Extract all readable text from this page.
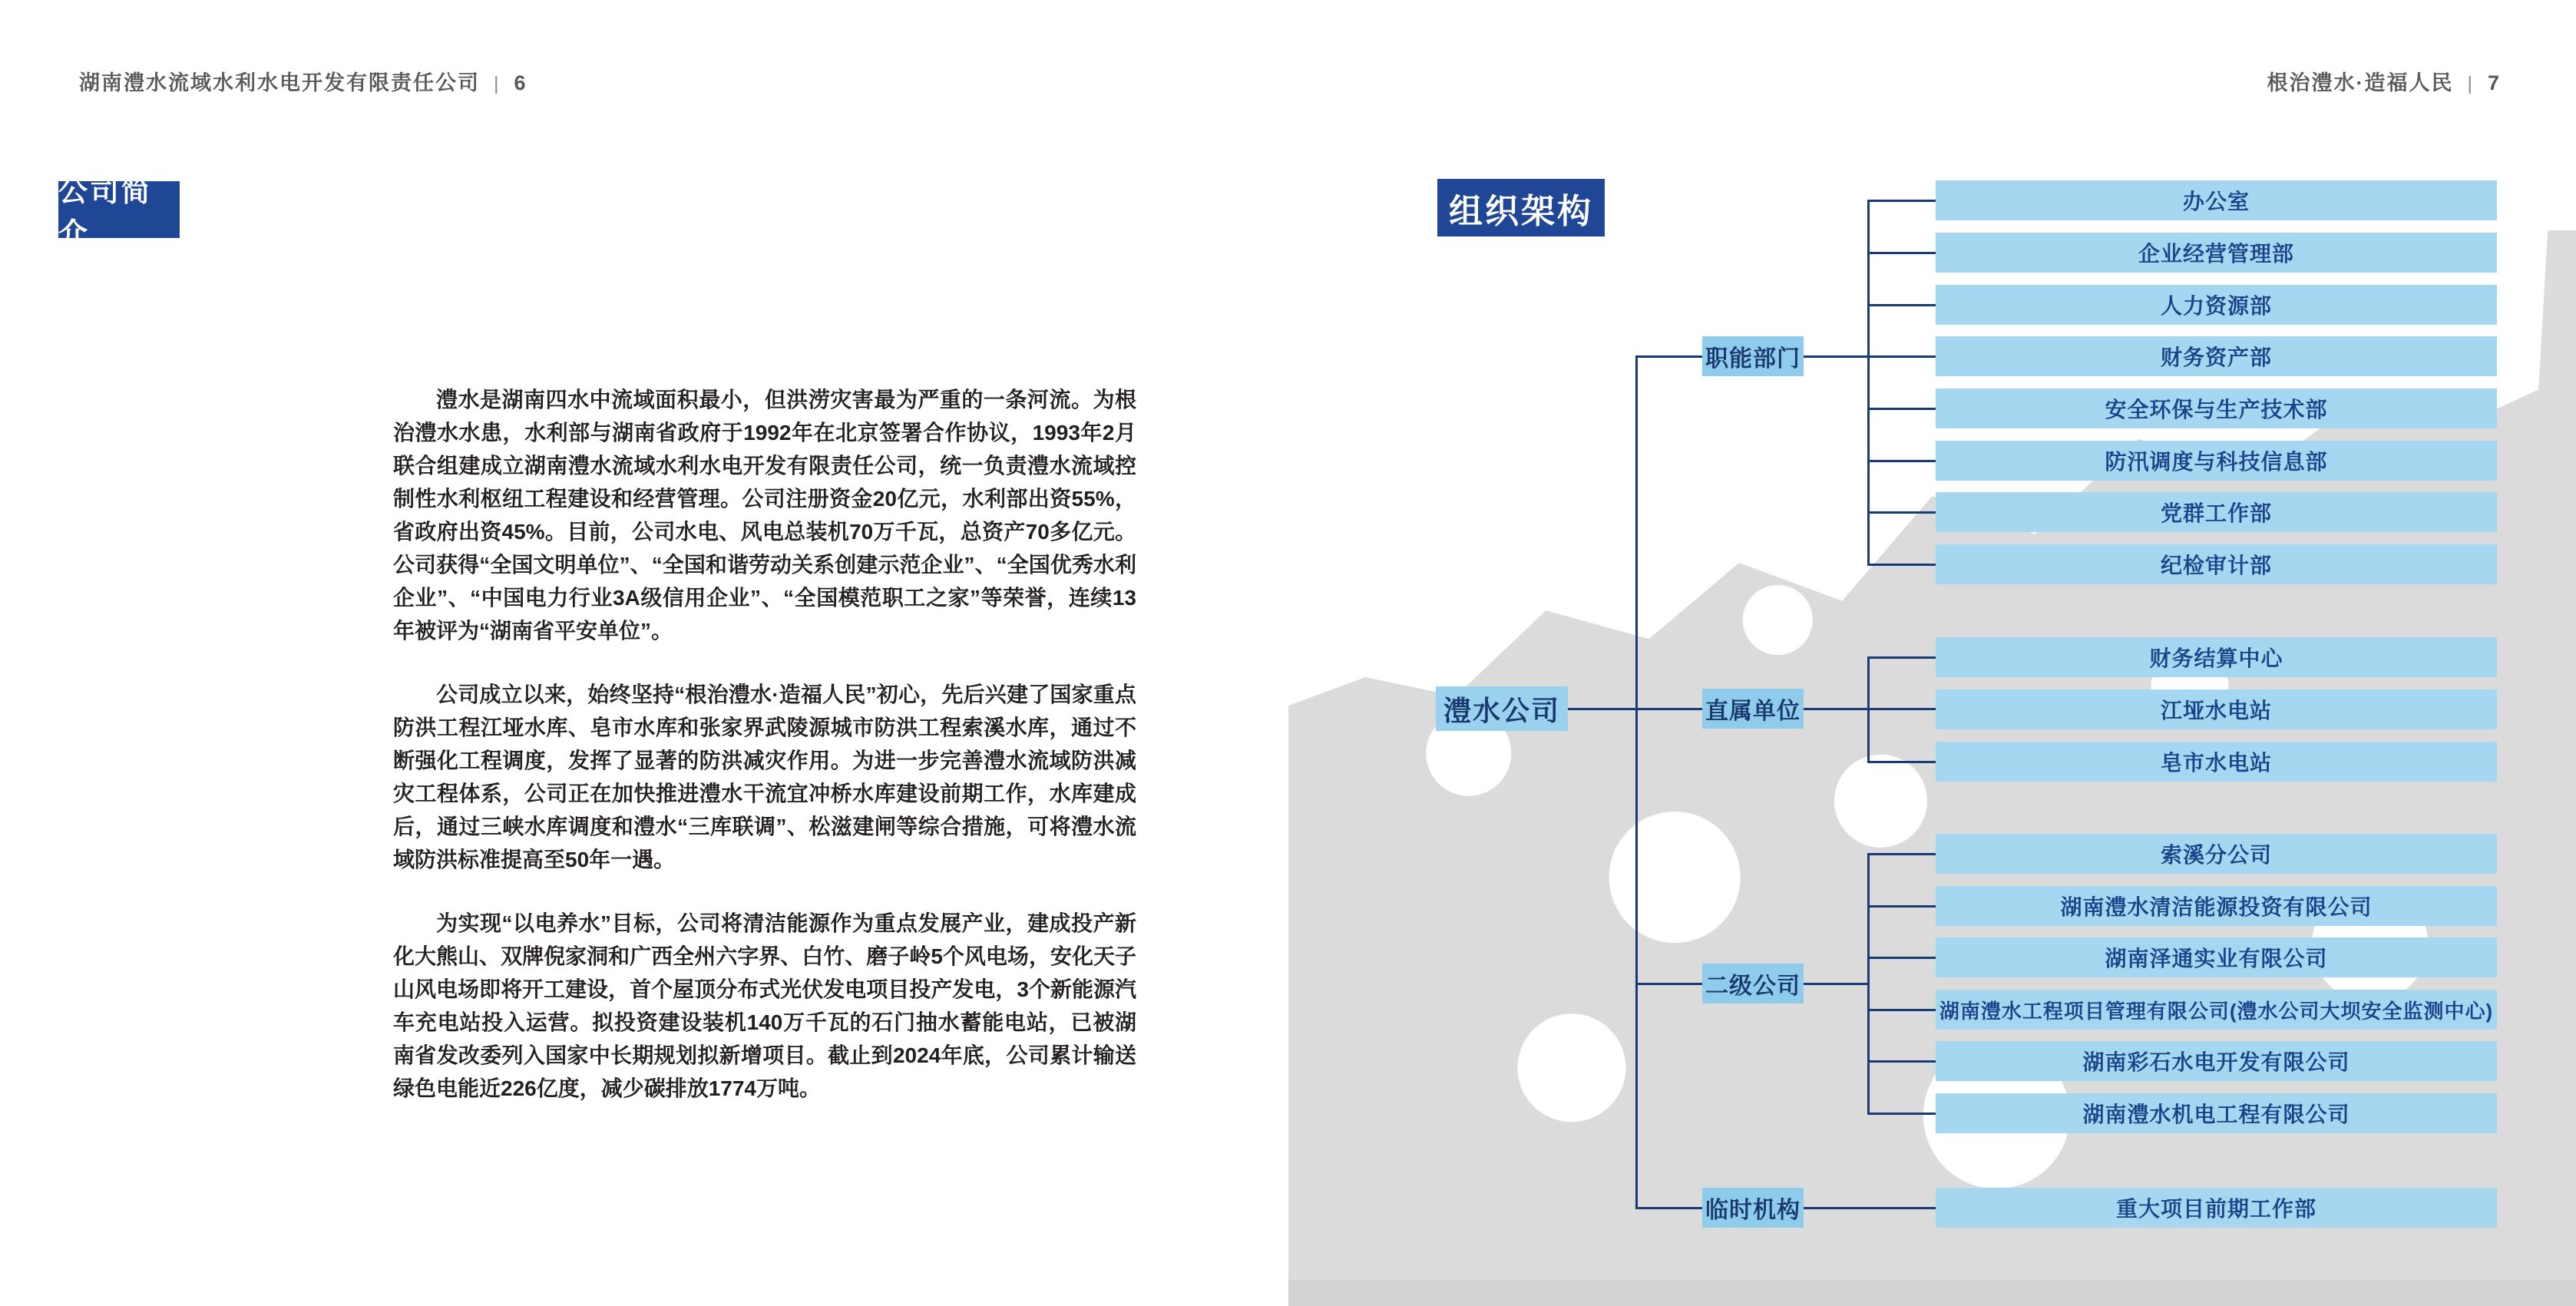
湖南澧水流域水利水电开发有限责任公司 | 6
公司简介

澧水是湖南四水中流域面积最小，但洪涝灾害最为严重的一条河流。为根治澧水水患，水利部与湖南省政府于1992年在北京签署合作协议，1993年2月联合组建成立湖南澧水流域水利水电开发有限责任公司，统一负责澧水流域控制性水利枢纽工程建设和经营管理。公司注册资金20亿元，水利部出资55%，省政府出资45%。目前，公司水电、风电总装机70万千瓦，总资产70多亿元。公司获得“全国文明单位”、“全国和谐劳动关系创建示范企业”、“全国优秀水利企业”、“中国电力行业3A级信用企业”、“全国模范职工之家”等荣誉，连续13年被评为“湖南省平安单位”。

公司成立以来，始终坚持“根治澧水·造福人民”初心，先后兴建了国家重点防洪工程江垭水库、皂市水库和张家界武陵源城市防洪工程索溪水库，通过不断强化工程调度，发挥了显著的防洪减灾作用。为进一步完善澧水流域防洪减灾工程体系，公司正在加快推进澧水干流宜冲桥水库建设前期工作，水库建成后，通过三峡水库调度和澧水“三库联调”、松滋建闸等综合措施，可将澧水流域防洪标准提高至50年一遇。

为实现“以电养水”目标，公司将清洁能源作为重点发展产业，建成投产新化大熊山、双牌倪家洞和广西全州六字界、白竹、磨子岭5个风电场，安化天子山风电场即将开工建设，首个屋顶分布式光伏发电项目投产发电，3个新能源汽车充电站投入运营。拟投资建设装机140万千瓦的石门抽水蓄能电站，已被湖南省发改委列入国家中长期规划拟新增项目。截止到2024年底，公司累计输送绿色电能近226亿度，减少碳排放1774万吨。

根治澧水·造福人民 | 7
组织架构
澧水公司
职能部门
直属单位
二级公司
临时机构
办公室
企业经营管理部
人力资源部
财务资产部
安全环保与生产技术部
防汛调度与科技信息部
党群工作部
纪检审计部
财务结算中心
江垭水电站
皂市水电站
索溪分公司
湖南澧水清洁能源投资有限公司
湖南泽通实业有限公司
湖南澧水工程项目管理有限公司(澧水公司大坝安全监测中心)
湖南彩石水电开发有限公司
湖南澧水机电工程有限公司
重大项目前期工作部
